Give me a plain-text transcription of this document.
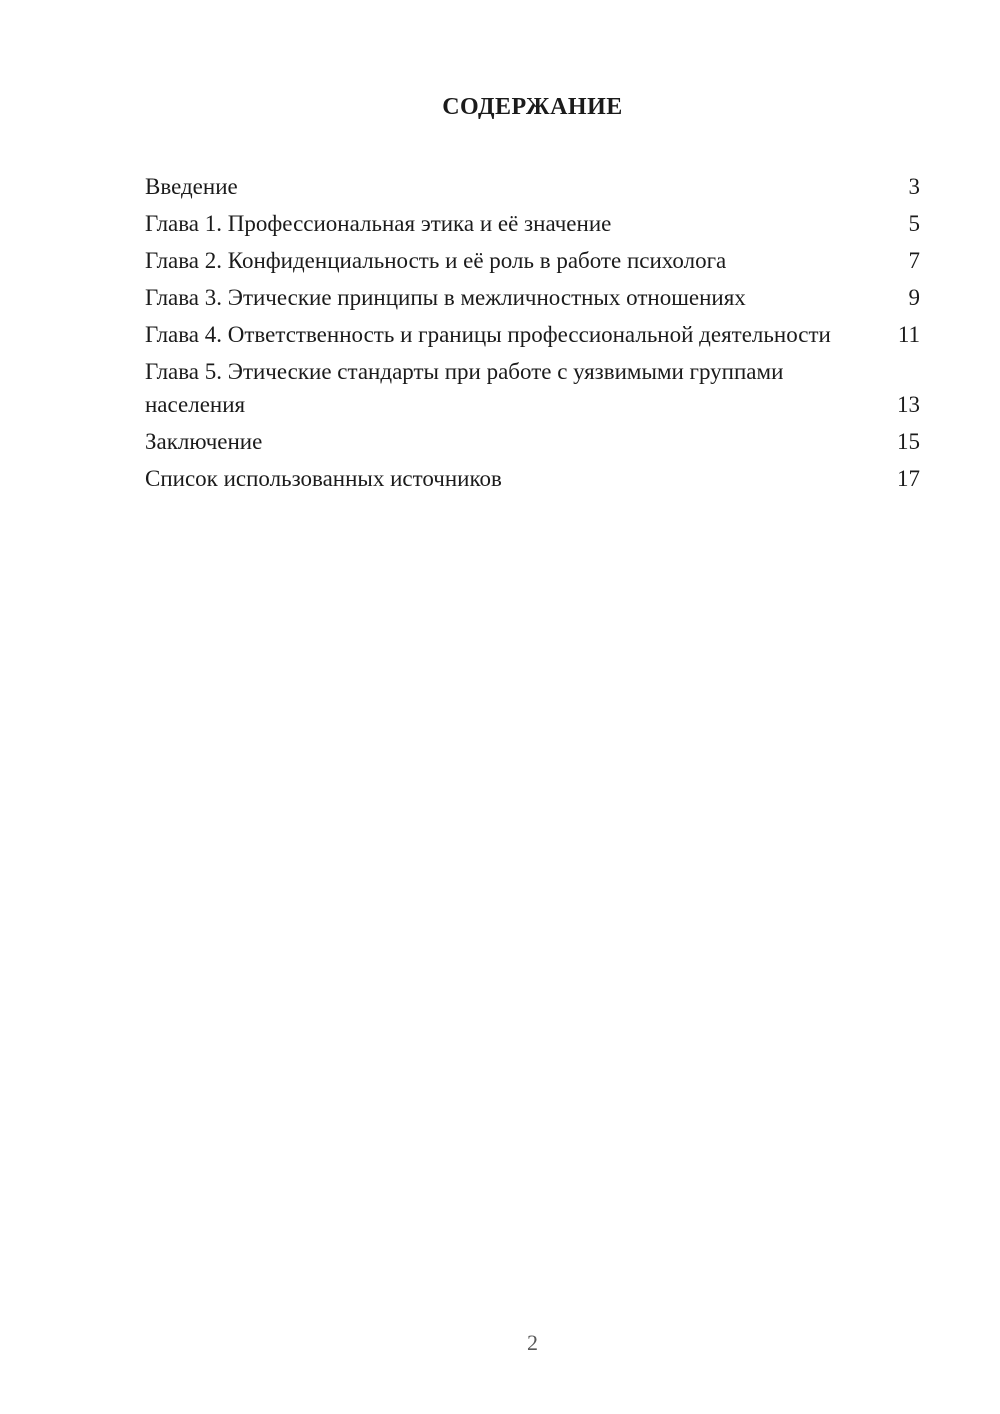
СОДЕРЖАНИЕ
Введение	3
Глава 1. Профессиональная этика и её значение	5
Глава 2. Конфиденциальность и её роль в работе психолога	7
Глава 3. Этические принципы в межличностных отношениях	9
Глава 4. Ответственность и границы профессиональной деятельности	11
Глава 5. Этические стандарты при работе с уязвимыми группами населения	13
Заключение	15
Список использованных источников	17
2
